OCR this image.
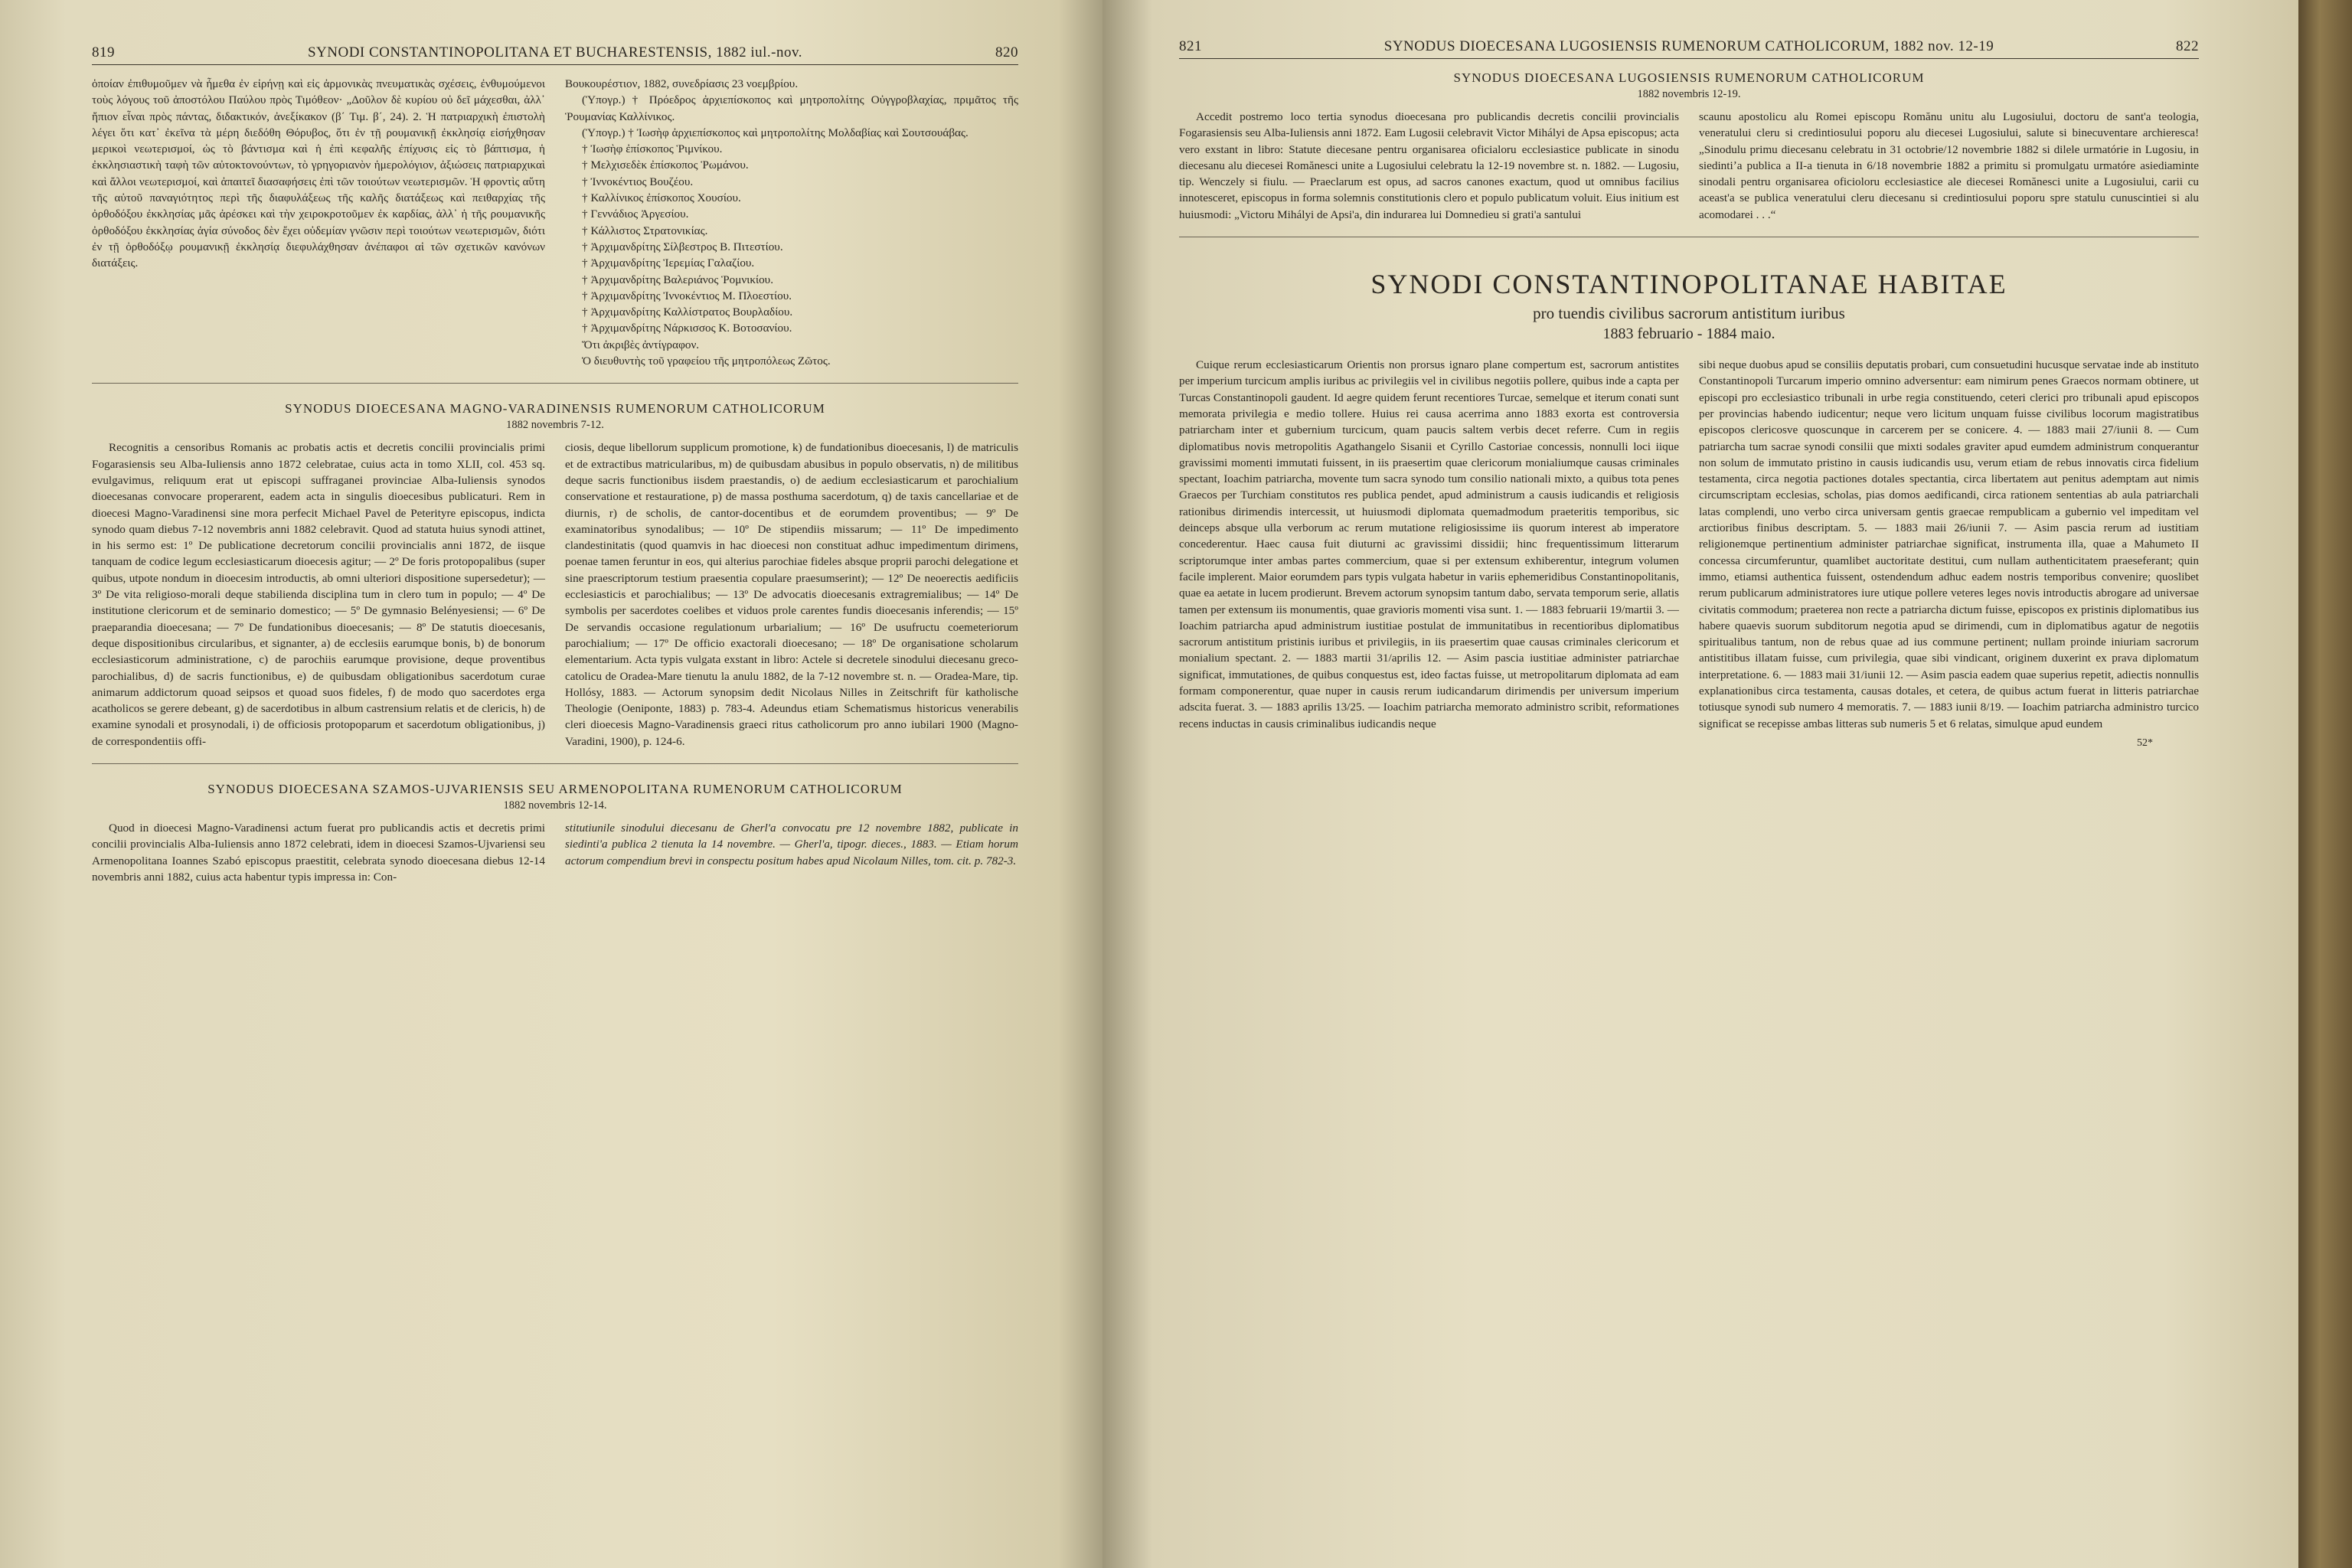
819	SYNODI CONSTANTINOPOLITANA ET BUCHARESTENSIS, 1882 iul.-nov.	820

ὁποίαν ἐπιθυμοῦμεν νὰ ἦμεθα ἐν εἰρήνῃ καὶ εἰς ἀρμονικὰς πνευματικὰς σχέσεις, ἐνθυμούμενοι τοὺς λόγους τοῦ ἀποστόλου Παύλου πρὸς Τιμόθεον· „Δοῦλον δὲ κυρίου οὐ δεῖ μάχεσθαι, ἀλλ᾽ ἤπιον εἶναι πρὸς πάντας, διδακτικόν, ἀνεξίκακον (β΄ Τιμ. β΄, 24). 2. Ἡ πατριαρχικὴ ἐπιστολὴ λέγει ὅτι κατ᾽ ἐκεῖνα τὰ μέρη διεδόθη Θόρυβος, ὅτι ἐν τῇ ρουμανικῇ ἐκκλησίᾳ εἰσήχθησαν μερικοὶ νεωτερισμοί, ὡς τὸ βάντισμα καὶ ἡ ἐπὶ κεφαλῆς ἐπίχυσις εἰς τὸ βάπτισμα, ἡ ἐκκλησιαστικὴ ταφὴ τῶν αὐτοκτονούντων, τὸ γρηγοριανὸν ἡμερολόγιον, ἀξιώσεις πατριαρχικαὶ καὶ ἄλλοι νεωτερισμοί, καὶ ἀπαιτεῖ διασαφήσεις ἐπὶ τῶν τοιούτων νεωτερισμῶν. Ἡ φροντὶς αὕτη τῆς αὐτοῦ παναγιότητος περὶ τῆς διαφυλάξεως τῆς καλῆς διατάξεως καὶ πειθαρχίας τῆς ὀρθοδόξου ἐκκλησίας μᾶς ἀρέσκει καὶ τὴν χειροκροτοῦμεν ἐκ καρδίας, ἀλλ᾽ ἡ τῆς ρουμανικῆς ὀρθοδόξου ἐκκλησίας ἁγία σύνοδος δὲν ἔχει οὐδεμίαν γνῶσιν περὶ τοιούτων νεωτερισμῶν, διότι ἐν τῇ ὀρθοδόξῳ ρουμανικῇ ἐκκλησίᾳ διεφυλάχθησαν ἀνέπαφοι αἱ τῶν σχετικῶν κανόνων διατάξεις.

Βουκουρέστιον, 1882, συνεδρίασις 23 νοεμβρίου.

(Ὑπογρ.) † Πρόεδρος ἀρχιεπίσκοπος καὶ μητροπολίτης Οὐγγροβλαχίας, πριμᾶτος τῆς Ῥουμανίας Καλλίνικος.

(Ὑπογρ.) † Ἰωσὴφ ἀρχιεπίσκοπος καὶ μητροπολίτης Μολδαβίας καὶ Σουτσουάβας.

† Ἰωσὴφ ἐπίσκοπος Ῥιμνίκου.

† Μελχισεδὲκ ἐπίσκοπος Ῥωμάνου.

† Ἰννοκέντιος Βουζέου.

† Καλλίνικος ἐπίσκοπος Χουσίου.

† Γεννάδιος Ἀργεσίου.

† Κάλλιστος Στρατονικίας.

† Ἀρχιμανδρίτης Σίλβεστρος Β. Πιτεστίου.

† Ἀρχιμανδρίτης Ἱερεμίας Γαλαζίου.

† Ἀρχιμανδρίτης Βαλεριάνος Ῥομνικίου.

† Ἀρχιμανδρίτης Ἰννοκέντιος Μ. Πλοεστίου.

† Ἀρχιμανδρίτης Καλλίστρατος Βουρλαδίου.

† Ἀρχιμανδρίτης Νάρκισσος Κ. Βοτοσανίου.

Ὅτι ἀκριβὲς ἀντίγραφον.

Ὁ διευθυντὴς τοῦ γραφείου τῆς μητροπόλεως Ζῶτος.

SYNODUS DIOECESANA MAGNO-VARADINENSIS RUMENORUM CATHOLICORUM
1882 novembris 7-12.

Recognitis a censoribus Romanis ac probatis actis et decretis concilii provincialis primi Fogarasiensis seu Alba-Iuliensis anno 1872 celebratae, cuius acta in tomo XLII, col. 453 sq. evulgavimus, reliquum erat ut episcopi suffraganei provinciae Alba-Iuliensis synodos dioecesanas convocare properarent, eadem acta in singulis dioecesibus publicaturi. Rem in dioecesi Magno-Varadinensi sine mora perfecit Michael Pavel de Peterityre episcopus, indicta synodo quam diebus 7-12 novembris anni 1882 celebravit. Quod ad statuta huius synodi attinet, in his sermo est: 1º De publicatione decretorum concilii provincialis anni 1872, de iisque tanquam de codice legum ecclesiasticarum dioecesis agitur; — 2º De foris protopopalibus (super quibus, utpote nondum in dioecesim introductis, ab omni ulteriori dispositione supersedetur); — 3º De vita religioso-morali deque stabilienda disciplina tum in clero tum in populo; — 4º De institutione clericorum et de seminario domestico; — 5º De gymnasio Belényesiensi; — 6º De praeparandia dioecesana; — 7º De fundationibus dioecesanis; — 8º De statutis dioecesanis, deque dispositionibus circularibus, et signanter, a) de ecclesiis earumque bonis, b) de bonorum ecclesiasticorum administratione, c) de parochiis earumque provisione, deque proventibus parochialibus, d) de sacris functionibus, e) de quibusdam obligationibus sacerdotum curae animarum addictorum quoad seipsos et quoad suos fideles, f) de modo quo sacerdotes erga acatholicos se gerere debeant, g) de sacerdotibus in album castrensium relatis et de clericis, h) de examine synodali et prosynodali, i) de officiosis protopoparum et sacerdotum obligationibus, j) de correspondentiis offi-

ciosis, deque libellorum supplicum promotione, k) de fundationibus dioecesanis, l) de matriculis et de extractibus matricularibus, m) de quibusdam abusibus in populo observatis, n) de militibus deque sacris functionibus iisdem praestandis, o) de aedium ecclesiasticarum et parochialium conservatione et restauratione, p) de massa posthuma sacerdotum, q) de taxis cancellariae et de diurnis, r) de scholis, de cantor-docentibus et de eorumdem proventibus; — 9º De examinatoribus synodalibus; — 10º De stipendiis missarum; — 11º De impedimento clandestinitatis (quod quamvis in hac dioecesi non constituat adhuc impedimentum dirimens, poenae tamen feruntur in eos, qui alterius parochiae fideles absque proprii parochi delegatione et sine praescriptorum testium praesentia copulare praesumserint); — 12º De neoerectis aedificiis ecclesiasticis et parochialibus; — 13º De advocatis dioecesanis extragremialibus; — 14º De symbolis per sacerdotes coelibes et viduos prole carentes fundis dioecesanis inferendis; — 15º De servandis occasione regulationum urbarialium; — 16º De usufructu coemeteriorum parochialium; — 17º De officio exactorali dioecesano; — 18º De organisatione scholarum elementarium. Acta typis vulgata exstant in libro: Actele si decretele sinodului diecesanu greco-catolicu de Oradea-Mare tienutu la anulu 1882, de la 7-12 novembre st. n. — Oradea-Mare, tip. Hollósy, 1883. — Actorum synopsim dedit Nicolaus Nilles in Zeitschrift für katholische Theologie (Oeniponte, 1883) p. 783-4. Adeundus etiam Schematismus historicus venerabilis cleri dioecesis Magno-Varadinensis graeci ritus catholicorum pro anno iubilari 1900 (Magno-Varadini, 1900), p. 124-6.

SYNODUS DIOECESANA SZAMOS-UJVARIENSIS SEU ARMENOPOLITANA RUMENORUM CATHOLICORUM
1882 novembris 12-14.

Quod in dioecesi Magno-Varadinensi actum fuerat pro publicandis actis et decretis primi concilii provincialis Alba-Iuliensis anno 1872 celebrati, idem in dioecesi Szamos-Ujvariensi seu Armenopolitana Ioannes Szabó episcopus praestitit, celebrata synodo dioecesana diebus 12-14 novembris anni 1882, cuius acta habentur typis impressa in: Con-

stitutiunile sinodului diecesanu de Gherl'a convocatu pre 12 novembre 1882, publicate in siedinti'a publica 2 tienuta la 14 novembre. — Gherl'a, tipogr. dieces., 1883. — Etiam horum actorum compendium brevi in conspectu positum habes apud Nicolaum Nilles, tom. cit. p. 782-3.

821	SYNODUS DIOECESANA LUGOSIENSIS RUMENORUM CATHOLICORUM, 1882 nov. 12-19	822
SYNODUS DIOECESANA LUGOSIENSIS RUMENORUM CATHOLICORUM
1882 novembris 12-19.

Accedit postremo loco tertia synodus dioecesana pro publicandis decretis concilii provincialis Fogarasiensis seu Alba-Iuliensis anni 1872. Eam Lugosii celebravit Victor Mihályi de Apsa episcopus; acta vero exstant in libro: Statute diecesane pentru organisarea oficialoru ecclesiastice publicate in sinodu diecesanu alu diecesei Romănesci unite a Lugosiului celebratu la 12-19 novembre st. n. 1882. — Lugosiu, tip. Wenczely si fiulu. — Praeclarum est opus, ad sacros canones exactum, quod ut omnibus facilius innotesceret, episcopus in forma solemnis constitutionis clero et populo publicatum voluit. Eius initium est huiusmodi: „Victoru Mihályi de Apsi'a, din indurarea lui Domnedieu si grati'a santului

scaunu apostolicu alu Romei episcopu Romănu unitu alu Lugosiului, doctoru de sant'a teologia, veneratului cleru si credintiosului poporu alu diecesei Lugosiului, salute si binecuventare archieresca! „Sinodulu primu diecesanu celebratu in 31 octobrie/12 novembrie 1882 si dilele urmatórie in Lugosiu, in siedintiʼa publica a II-a tienuta in 6/18 novembrie 1882 a primitu si promulgatu urmatóre asiediaminte sinodali pentru organisarea oficioloru ecclesiastice ale diecesei Romănesci unite a Lugosiului, carii cu aceast'a se publica veneratului cleru diecesanu si credintiosului poporu spre statulu cunuscintiei si alu acomodarei . . .“

SYNODI CONSTANTINOPOLITANAE HABITAE
pro tuendis civilibus sacrorum antistitum iuribus
1883 februario - 1884 maio.

Cuique rerum ecclesiasticarum Orientis non prorsus ignaro plane compertum est, sacrorum antistites per imperium turcicum amplis iuribus ac privilegiis vel in civilibus negotiis pollere, quibus inde a capta per Turcas Constantinopoli gaudent. Id aegre quidem ferunt recentiores Turcae, semelque et iterum conati sunt memorata privilegia e medio tollere. Huius rei causa acerrima anno 1883 exorta est controversia patriarcham inter et gubernium turcicum, quam paucis saltem verbis decet referre. Cum in regiis diplomatibus novis metropolitis Agathangelo Sisanii et Cyrillo Castoriae concessis, nonnulli loci iique gravissimi momenti immutati fuissent, in iis praesertim quae clericorum monialiumque causas criminales spectant, Ioachim patriarcha, movente tum sacra synodo tum consilio nationali mixto, a quibus tota penes Graecos per Turchiam constitutos res publica pendet, apud administrum a causis iudicandis et religiosis rationibus dirimendis intercessit, ut huiusmodi diplomata quemadmodum praeteritis temporibus, sic deinceps absque ulla verborum ac rerum mutatione religiosissime iis quorum interest ab imperatore concederentur. Haec causa fuit diuturni ac gravissimi dissidii; hinc frequentissimum litterarum scriptorumque inter ambas partes commercium, quae si per extensum exhiberentur, integrum volumen facile implerent. Maior eorumdem pars typis vulgata habetur in variis ephemeridibus Constantinopolitanis, quae ea aetate in lucem prodierunt. Brevem actorum synopsim tantum dabo, servata temporum serie, allatis tamen per extensum iis monumentis, quae gravioris momenti visa sunt. 1. — 1883 februarii 19/martii 3. — Ioachim patriarcha apud administrum iustitiae postulat de immunitatibus in recentioribus diplomatibus sacrorum antistitum pristinis iuribus et privilegiis, in iis praesertim quae causas criminales clericorum et monialium spectant. 2. — 1883 martii 31/aprilis 12. — Asim pascia iustitiae administer patriarchae significat, immutationes, de quibus conquestus est, ideo factas fuisse, ut metropolitarum diplomata ad eam formam componerentur, quae nuper in causis rerum iudicandarum dirimendis per universum imperium adscita fuerat. 3. — 1883 aprilis 13/25. — Ioachim patriarcha memorato administro scribit, reformationes recens inductas in causis criminalibus iudicandis neque

sibi neque duobus apud se consiliis deputatis probari, cum consuetudini hucusque servatae inde ab instituto Constantinopoli Turcarum imperio omnino adversentur: eam nimirum penes Graecos normam obtinere, ut episcopi pro ecclesiastico tribunali in urbe regia constituendo, ceteri clerici pro tribunali apud episcopos per provincias habendo iudicentur; neque vero licitum unquam fuisse civilibus locorum magistratibus episcopos clericosve quoscunque in carcerem per se conicere. 4. — 1883 maii 27/iunii 8. — Cum patriarcha tum sacrae synodi consilii que mixti sodales graviter apud eumdem administrum conquerantur non solum de immutato pristino in causis iudicandis usu, verum etiam de rebus innovatis circa fidelium testamenta, circa negotia pactiones dotales spectantia, circa libertatem aut penitus ademptam aut nimis circumscriptam ecclesias, scholas, pias domos aedificandi, circa rationem sententias ab aula patriarchali latas complendi, uno verbo circa universam gentis graecae rempublicam a gubernio vel impeditam vel arctioribus finibus descriptam. 5. — 1883 maii 26/iunii 7. — Asim pascia rerum ad iustitiam religionemque pertinentium administer patriarchae significat, instrumenta illa, quae a Mahumeto II concessa circumferuntur, quamlibet auctoritate destitui, cum nullam authenticitatem praeseferant; quin immo, etiamsi authentica fuissent, ostendendum adhuc eadem nostris temporibus convenire; quoslibet rerum publicarum administratores iure utique pollere veteres leges novis introductis abrogare ad universae civitatis commodum; praeterea non recte a patriarcha dictum fuisse, episcopos ex pristinis diplomatibus ius habere quaevis suorum subditorum negotia apud se dirimendi, cum in diplomatibus agatur de negotiis spiritualibus tantum, non de rebus quae ad ius commune pertinent; nullam proinde iniuriam sacrorum antistitibus illatam fuisse, cum privilegia, quae sibi vindicant, originem duxerint ex prava diplomatum interpretatione. 6. — 1883 maii 31/iunii 12. — Asim pascia eadem quae superius repetit, adiectis nonnullis explanationibus circa testamenta, causas dotales, et cetera, de quibus actum fuerat in litteris patriarchae totiusque synodi sub numero 4 memoratis. 7. — 1883 iunii 8/19. — Ioachim patriarcha administro turcico significat se recepisse ambas litteras sub numeris 5 et 6 relatas, simulque apud eundem

52*
